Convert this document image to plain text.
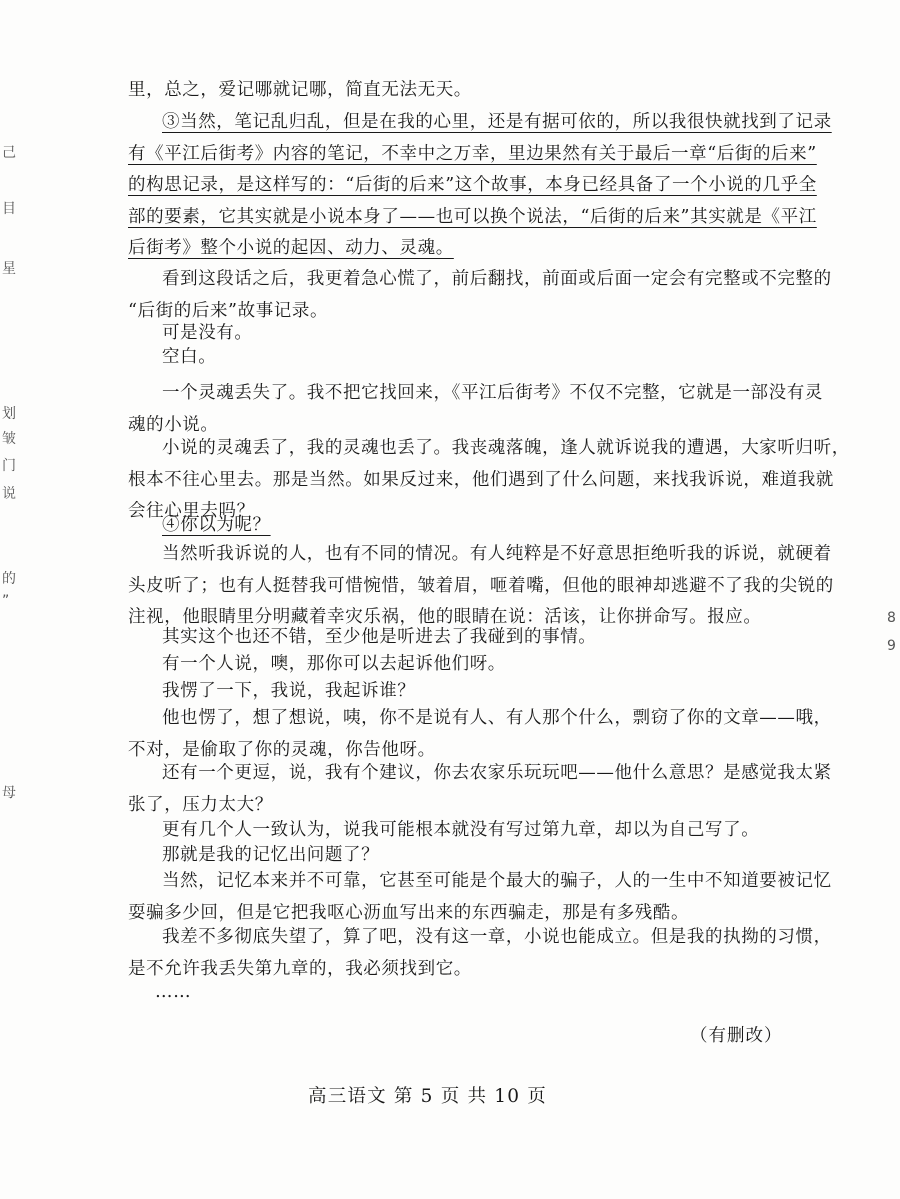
己
目
星
划
皱
门
说
的
”
母
8
9
里，总之，爱记哪就记哪，简直无法无天。
③当然，笔记乱归乱，但是在我的心里，还是有据可依的，所以我很快就找到了记录
有《平江后街考》内容的笔记，不幸中之万幸，里边果然有关于最后一章“后街的后来”
的构思记录，是这样写的：“后街的后来”这个故事，本身已经具备了一个小说的几乎全
部的要素，它其实就是小说本身了——也可以换个说法，“后街的后来”其实就是《平江
后街考》整个小说的起因、动力、灵魂。
看到这段话之后，我更着急心慌了，前后翻找，前面或后面一定会有完整或不完整的
“后街的后来”故事记录。
可是没有。
空白。
一个灵魂丢失了。我不把它找回来，《平江后街考》不仅不完整，它就是一部没有灵
魂的小说。
小说的灵魂丢了，我的灵魂也丢了。我丧魂落魄，逢人就诉说我的遭遇，大家听归听，
根本不往心里去。那是当然。如果反过来，他们遇到了什么问题，来找我诉说，难道我就
会往心里去吗？
④你以为呢？
当然听我诉说的人，也有不同的情况。有人纯粹是不好意思拒绝听我的诉说，就硬着
头皮听了；也有人挺替我可惜惋惜，皱着眉，咂着嘴，但他的眼神却逃避不了我的尖锐的
注视，他眼睛里分明藏着幸灾乐祸，他的眼睛在说：活该，让你拼命写。报应。
其实这个也还不错，至少他是听进去了我碰到的事情。
有一个人说，噢，那你可以去起诉他们呀。
我愣了一下，我说，我起诉谁？
他也愣了，想了想说，咦，你不是说有人、有人那个什么，剽窃了你的文章——哦，
不对，是偷取了你的灵魂，你告他呀。
还有一个更逗，说，我有个建议，你去农家乐玩玩吧——他什么意思？是感觉我太紧
张了，压力太大？
更有几个人一致认为，说我可能根本就没有写过第九章，却以为自己写了。
那就是我的记忆出问题了？
当然，记忆本来并不可靠，它甚至可能是个最大的骗子，人的一生中不知道要被记忆
耍骗多少回，但是它把我呕心沥血写出来的东西骗走，那是有多残酷。
我差不多彻底失望了，算了吧，没有这一章，小说也能成立。但是我的执拗的习惯，
是不允许我丢失第九章的，我必须找到它。
……
（有删改）
高三语文 第 5 页 共 10 页
